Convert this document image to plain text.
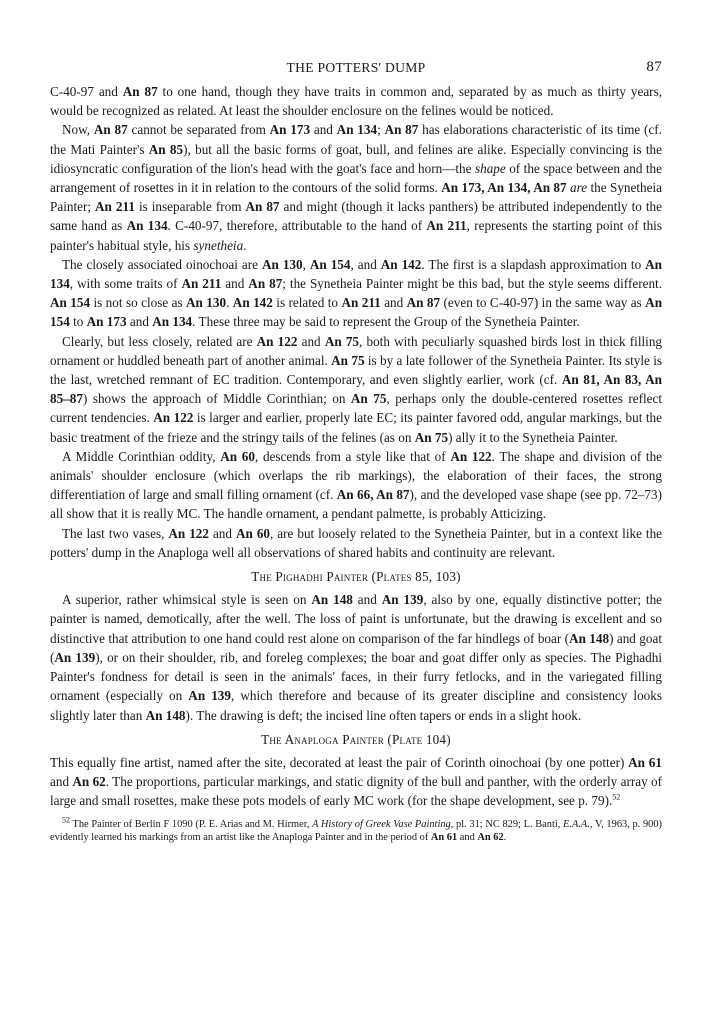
THE POTTERS' DUMP	87

C-40-97 and An 87 to one hand, though they have traits in common and, separated by as much as thirty years, would be recognized as related. At least the shoulder enclosure on the felines would be noticed.

Now, An 87 cannot be separated from An 173 and An 134; An 87 has elaborations characteristic of its time (cf. the Mati Painter's An 85), but all the basic forms of goat, bull, and felines are alike. Especially convincing is the idiosyncratic configuration of the lion's head with the goat's face and horn—the shape of the space between and the arrangement of rosettes in it in relation to the contours of the solid forms. An 173, An 134, An 87 are the Synetheia Painter; An 211 is inseparable from An 87 and might (though it lacks panthers) be attributed independently to the same hand as An 134. C-40-97, therefore, attributable to the hand of An 211, represents the starting point of this painter's habitual style, his synetheia.

The closely associated oinochoai are An 130, An 154, and An 142. The first is a slapdash approximation to An 134, with some traits of An 211 and An 87; the Synetheia Painter might be this bad, but the style seems different. An 154 is not so close as An 130. An 142 is related to An 211 and An 87 (even to C-40-97) in the same way as An 154 to An 173 and An 134. These three may be said to represent the Group of the Synetheia Painter.

Clearly, but less closely, related are An 122 and An 75, both with peculiarly squashed birds lost in thick filling ornament or huddled beneath part of another animal. An 75 is by a late follower of the Synetheia Painter. Its style is the last, wretched remnant of EC tradition. Contemporary, and even slightly earlier, work (cf. An 81, An 83, An 85–87) shows the approach of Middle Corinthian; on An 75, perhaps only the double-centered rosettes reflect current tendencies. An 122 is larger and earlier, properly late EC; its painter favored odd, angular markings, but the basic treatment of the frieze and the stringy tails of the felines (as on An 75) ally it to the Synetheia Painter.

A Middle Corinthian oddity, An 60, descends from a style like that of An 122. The shape and division of the animals' shoulder enclosure (which overlaps the rib markings), the elaboration of their faces, the strong differentiation of large and small filling ornament (cf. An 66, An 87), and the developed vase shape (see pp. 72–73) all show that it is really MC. The handle ornament, a pendant palmette, is probably Atticizing.

The last two vases, An 122 and An 60, are but loosely related to the Synetheia Painter, but in a context like the potters' dump in the Anaploga well all observations of shared habits and continuity are relevant.

The Pighadhi Painter (Plates 85, 103)

A superior, rather whimsical style is seen on An 148 and An 139, also by one, equally distinctive potter; the painter is named, demotically, after the well. The loss of paint is unfortunate, but the drawing is excellent and so distinctive that attribution to one hand could rest alone on comparison of the far hindlegs of boar (An 148) and goat (An 139), or on their shoulder, rib, and foreleg complexes; the boar and goat differ only as species. The Pighadhi Painter's fondness for detail is seen in the animals' faces, in their furry fetlocks, and in the variegated filling ornament (especially on An 139, which therefore and because of its greater discipline and consistency looks slightly later than An 148). The drawing is deft; the incised line often tapers or ends in a slight hook.

The Anaploga Painter (Plate 104)

This equally fine artist, named after the site, decorated at least the pair of Corinth oinochoai (by one potter) An 61 and An 62. The proportions, particular markings, and static dignity of the bull and panther, with the orderly array of large and small rosettes, make these pots models of early MC work (for the shape development, see p. 79).$^{52}$

$^{52}$ The Painter of Berlin F 1090 (P. E. Arias and M. Hirmer, A History of Greek Vase Painting, pl. 31; NC 829; L. Banti, E.A.A., V, 1963, p. 900) evidently learned his markings from an artist like the Anaploga Painter and in the period of An 61 and An 62.
